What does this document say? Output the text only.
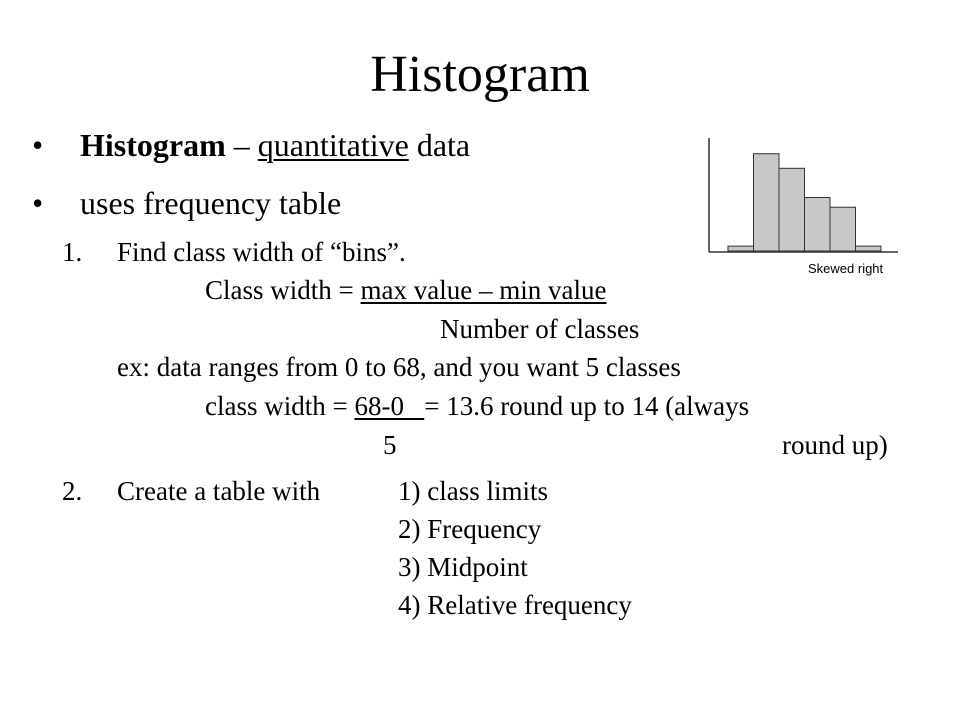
Histogram
• Histogram – quantitative data
• uses frequency table
1. Find class width of “bins”.
Class width = max value – min value
Number of classes
ex: data ranges from 0 to 68, and you want 5 classes
class width = 68-0   = 13.6 round up to 14 (always
5	round up)
2. Create a table with	1) class limits
2) Frequency
3) Midpoint
4) Relative frequency
Skewed right
